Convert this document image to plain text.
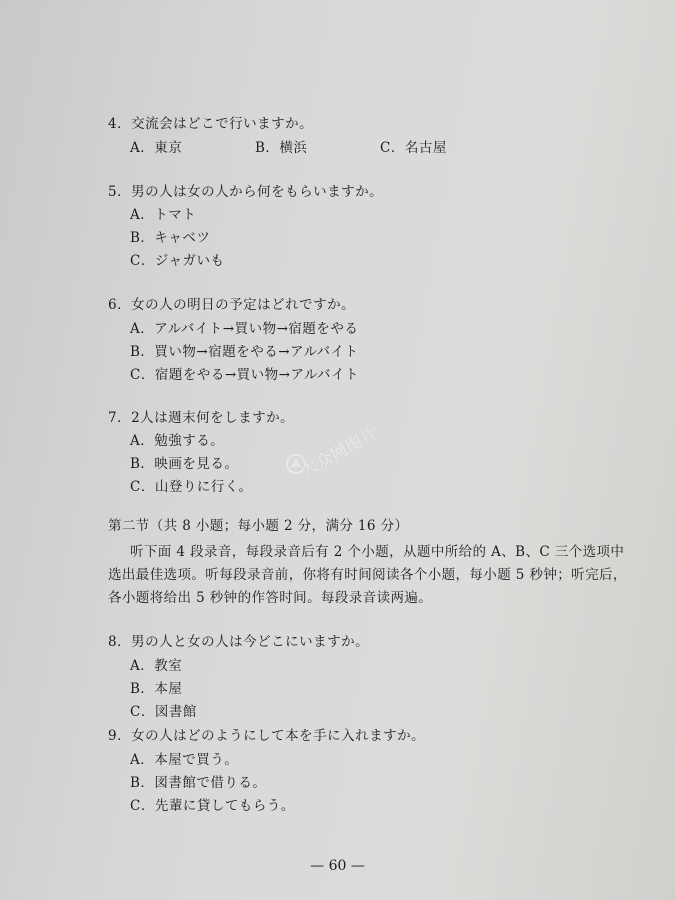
4．交流会はどこで行いますか。
A．東京	B．横浜	C．名古屋
5．男の人は女の人から何をもらいますか。
A．トマト
B．キャベツ
C．ジャガいも
6．女の人の明日の予定はどれですか。
A．アルバイト→買い物→宿題をやる
B．買い物→宿題をやる→アルバイト
C．宿題をやる→買い物→アルバイト
7．2人は週末何をしますか。
A．勉強する。
B．映画を見る。
C．山登りに行く。
第二节（共 8 小题；每小题 2 分，满分 16 分）
听下面 4 段录音，每段录音后有 2 个小题，从题中所给的 A、B、C 三个选项中
选出最佳选项。听每段录音前，你将有时间阅读各个小题，每小题 5 秒钟；听完后，
各小题将给出 5 秒钟的作答时间。每段录音读两遍。
8．男の人と女の人は今どこにいますか。
A．教室
B．本屋
C．図書館
9．女の人はどのようにして本を手に入れますか。
A．本屋で買う。
B．図書館で借りる。
C．先輩に貸してもらう。
— 60 —
大众网图片
